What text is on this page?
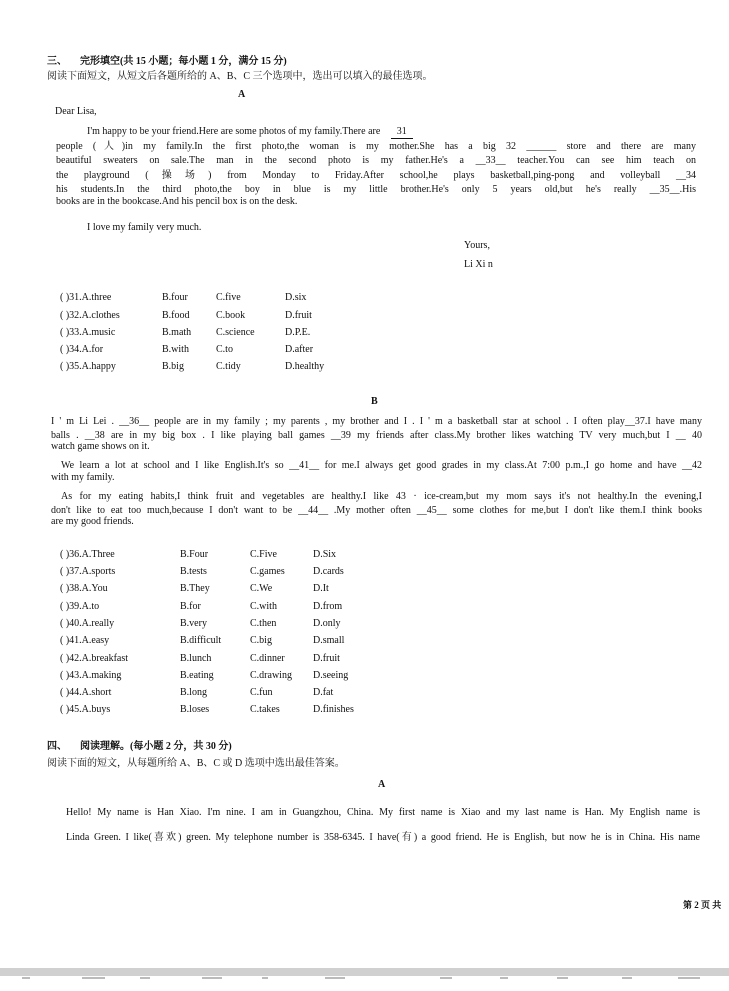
三、 完形填空(共 15 小题；每小题 1 分，满分 15 分)
阅读下面短文，从短文后各题所给的 A、B、C 三个选项中，选出可以填入的最佳选项。
A
Dear Lisa,
I'm happy to be your friend.Here are some photos of my family.There are 31
people (人)in my family.In the first photo,the woman is my mother.She has a big 32 ______ store and there are many
beautiful sweaters on sale.The man in the second photo is my father.He's a __33__ teacher.You can see him teach on
the playground (操场) from Monday to Friday.After school,he plays basketball,ping-pong and volleyball __34
his students.In the third photo,the boy in blue is my little brother.He's only 5 years old,but he's really __35__.His
books are in the bookcase.And his pencil box is on the desk.
I love my family very much.
Yours,
Li Xi n
( )31.A.three	B.four	C.five	D.six
( )32.A.clothes	B.food	C.book	D.fruit
( )33.A.music	B.math C.science	D.P.E.
( )34.A.for	B.with	C.to	D.after
( )35.A.happy	B.big	C.tidy	D.healthy
B
I ' m Li Lei . __36__ people are in my family ; my parents , my brother and I . I ' m a basketball star at school . I often play__37.I have many
balls . __38 are in my big box . I like playing ball games __39 my friends after class.My brother likes watching TV very much,but I __ 40
watch game shows on it.
We learn a lot at school and I like English.It's so __41__ for me.I always get good grades in my class.At 7:00 p.m.,I go home and have __42
with my family.
As for my eating habits,I think fruit and vegetables are healthy.I like 43 · ice-cream,but my mom says it's not healthy.In the evening,I
don't like to eat too much,because I don't want to be __44__ .My mother often __45__ some clothes for me,but I don't like them.I think books
are my good friends.
( )36.A.Three	B.Four	C.Five	D.Six
( )37.A.sports	B.tests	C.games	D.cards
( )38.A.You	B.They	C.We	D.It
( )39.A.to	B.for	C.with	D.from
( )40.A.really	B.very	C.then	D.only
( )41.A.easy	B.difficult	C.big	D.small
( )42.A.breakfast	B.lunch	C.dinner	D.fruit
( )43.A.making	B.eating	C.drawing D.seeing
( )44.A.short	B.long	C.fun	D.fat
( )45.A.buys	B.loses	C.takes	D.finishes
四、 阅读理解。(每小题 2 分，共 30 分)
阅读下面的短文，从每题所给 A、B、C 或 D 选项中选出最佳答案。
A
Hello! My name is Han Xiao. I'm nine. I am in Guangzhou, China. My first name is Xiao and my last name is Han. My English name is
Linda Green. I like(喜欢) green. My telephone number is 358-6345. I have(有) a good friend. He is English, but now he is in China. His name
第 2 页 共
